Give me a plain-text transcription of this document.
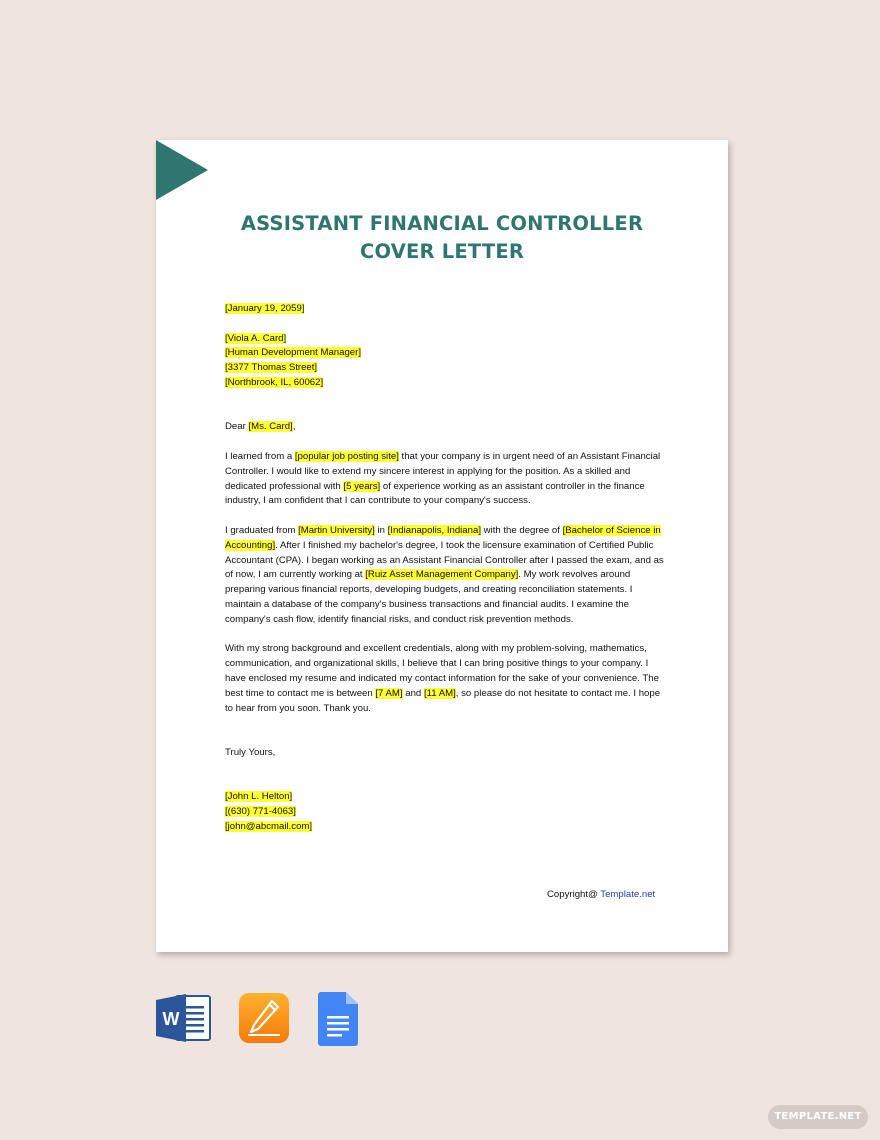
ASSISTANT FINANCIAL CONTROLLER
COVER LETTER

[January 19, 2059]

[Viola A. Card]

[Human Development Manager]

[3377 Thomas Street]

[Northbrook, IL, 60062]

Dear [Ms. Card],

I learned from a [popular job posting site] that your company is in urgent need of an Assistant Financial Controller. I would like to extend my sincere interest in applying for the position. As a skilled and dedicated professional with [5 years] of experience working as an assistant controller in the finance industry, I am confident that I can contribute to your company's success.

I graduated from [Martin University] in [Indianapolis, Indiana] with the degree of [Bachelor of Science in Accounting]. After I finished my bachelor's degree, I took the licensure examination of Certified Public Accountant (CPA). I began working as an Assistant Financial Controller after I passed the exam, and as of now, I am currently working at [Ruiz Asset Management Company]. My work revolves around preparing various financial reports, developing budgets, and creating reconciliation statements. I maintain a database of the company's business transactions and financial audits. I examine the company's cash flow, identify financial risks, and conduct risk prevention methods.

With my strong background and excellent credentials, along with my problem-solving, mathematics, communication, and organizational skills, I believe that I can bring positive things to your company. I have enclosed my resume and indicated my contact information for the sake of your convenience. The best time to contact me is between [7 AM] and [11 AM], so please do not hesitate to contact me. I hope to hear from you soon. Thank you.

Truly Yours,

[John L. Helton]

[(630) 771-4063]

[john@abcmail.com]

Copyright@ Template.net
W
TEMPLATE.NET
